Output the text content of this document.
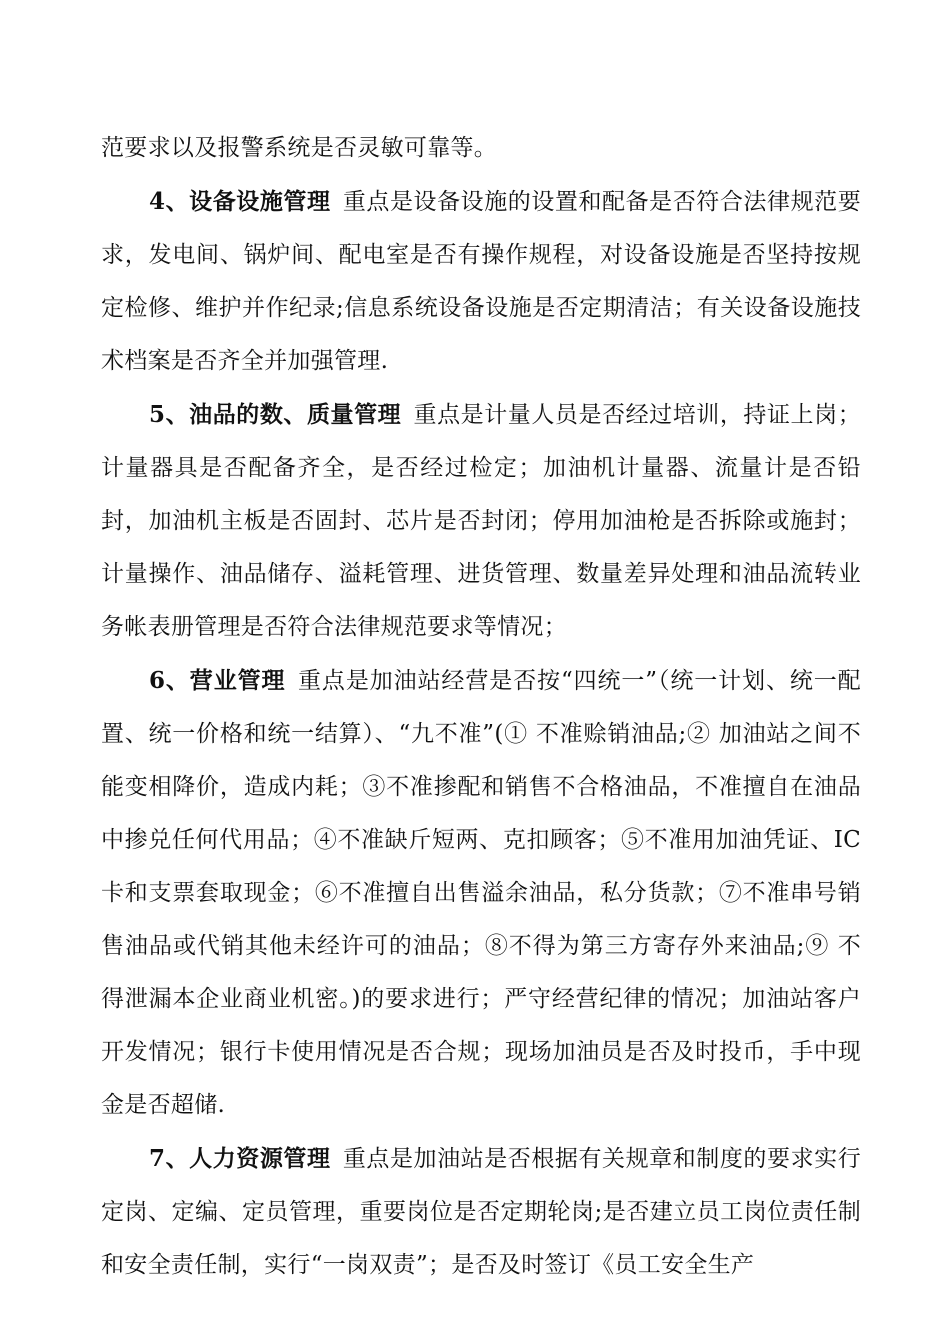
范要求以及报警系统是否灵敏可靠等。

4、设备设施管理 重点是设备设施的设置和配备是否符合法律规范要求，发电间、锅炉间、配电室是否有操作规程，对设备设施是否坚持按规定检修、维护并作纪录;信息系统设备设施是否定期清洁；有关设备设施技术档案是否齐全并加强管理.

5、油品的数、质量管理 重点是计量人员是否经过培训，持证上岗；计量器具是否配备齐全，是否经过检定；加油机计量器、流量计是否铅封，加油机主板是否固封、芯片是否封闭；停用加油枪是否拆除或施封；计量操作、油品储存、溢耗管理、进货管理、数量差异处理和油品流转业务帐表册管理是否符合法律规范要求等情况；

6、营业管理 重点是加油站经营是否按“四统一”（统一计划、统一配置、统一价格和统一结算）、“九不准”(① 不准赊销油品;② 加油站之间不能变相降价，造成内耗；③不准掺配和销售不合格油品，不准擅自在油品中掺兑任何代用品；④不准缺斤短两、克扣顾客；⑤不准用加油凭证、IC 卡和支票套取现金；⑥不准擅自出售溢余油品，私分货款；⑦不准串号销售油品或代销其他未经许可的油品；⑧不得为第三方寄存外来油品;⑨ 不得泄漏本企业商业机密。)的要求进行；严守经营纪律的情况；加油站客户开发情况；银行卡使用情况是否合规；现场加油员是否及时投币，手中现金是否超储.

7、人力资源管理 重点是加油站是否根据有关规章和制度的要求实行定岗、定编、定员管理，重要岗位是否定期轮岗;是否建立员工岗位责任制和安全责任制，实行“一岗双责”；是否及时签订《员工安全生产
